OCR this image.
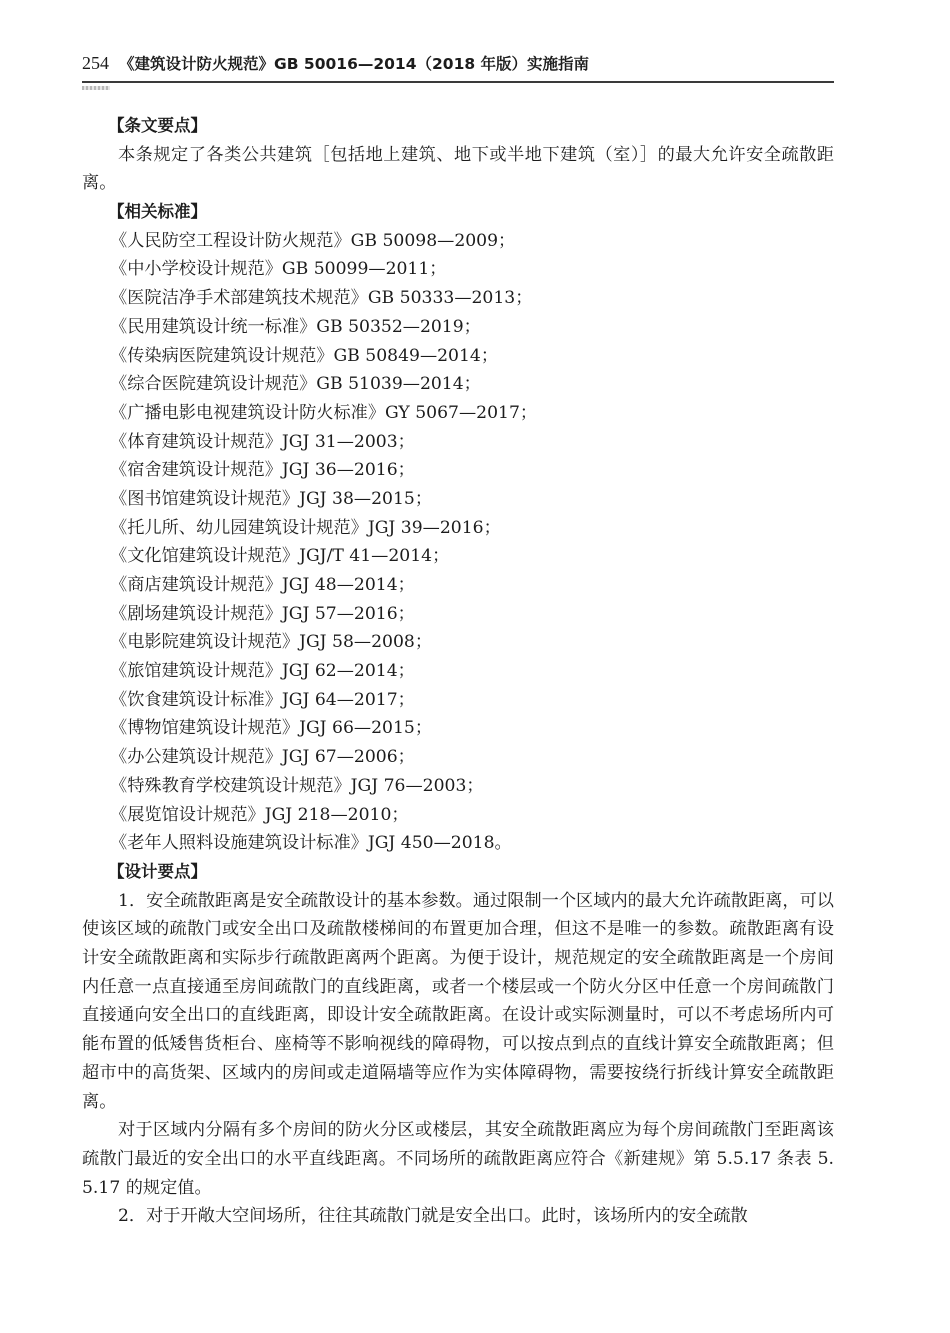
254 《建筑设计防火规范》GB 50016—2014（2018 年版）实施指南
【条文要点】

本条规定了各类公共建筑［包括地上建筑、地下或半地下建筑（室）］的最大允许安全疏散距离。

【相关标准】
《人民防空工程设计防火规范》GB 50098—2009；
《中小学校设计规范》GB 50099—2011；
《医院洁净手术部建筑技术规范》GB 50333—2013；
《民用建筑设计统一标准》GB 50352—2019；
《传染病医院建筑设计规范》GB 50849—2014；
《综合医院建筑设计规范》GB 51039—2014；
《广播电影电视建筑设计防火标准》GY 5067—2017；
《体育建筑设计规范》JGJ 31—2003；
《宿舍建筑设计规范》JGJ 36—2016；
《图书馆建筑设计规范》JGJ 38—2015；
《托儿所、幼儿园建筑设计规范》JGJ 39—2016；
《文化馆建筑设计规范》JGJ/T 41—2014；
《商店建筑设计规范》JGJ 48—2014；
《剧场建筑设计规范》JGJ 57—2016；
《电影院建筑设计规范》JGJ 58—2008；
《旅馆建筑设计规范》JGJ 62—2014；
《饮食建筑设计标准》JGJ 64—2017；
《博物馆建筑设计规范》JGJ 66—2015；
《办公建筑设计规范》JGJ 67—2006；
《特殊教育学校建筑设计规范》JGJ 76—2003；
《展览馆设计规范》JGJ 218—2010；
《老年人照料设施建筑设计标准》JGJ 450—2018。
【设计要点】

1．安全疏散距离是安全疏散设计的基本参数。通过限制一个区域内的最大允许疏散距离，可以使该区域的疏散门或安全出口及疏散楼梯间的布置更加合理，但这不是唯一的参数。疏散距离有设计安全疏散距离和实际步行疏散距离两个距离。为便于设计，规范规定的安全疏散距离是一个房间内任意一点直接通至房间疏散门的直线距离，或者一个楼层或一个防火分区中任意一个房间疏散门直接通向安全出口的直线距离，即设计安全疏散距离。在设计或实际测量时，可以不考虑场所内可能布置的低矮售货柜台、座椅等不影响视线的障碍物，可以按点到点的直线计算安全疏散距离；但超市中的高货架、区域内的房间或走道隔墙等应作为实体障碍物，需要按绕行折线计算安全疏散距离。

对于区域内分隔有多个房间的防火分区或楼层，其安全疏散距离应为每个房间疏散门至距离该疏散门最近的安全出口的水平直线距离。不同场所的疏散距离应符合《新建规》第 5.5.17 条表 5.5.17 的规定值。

2．对于开敞大空间场所，往往其疏散门就是安全出口。此时，该场所内的安全疏散
